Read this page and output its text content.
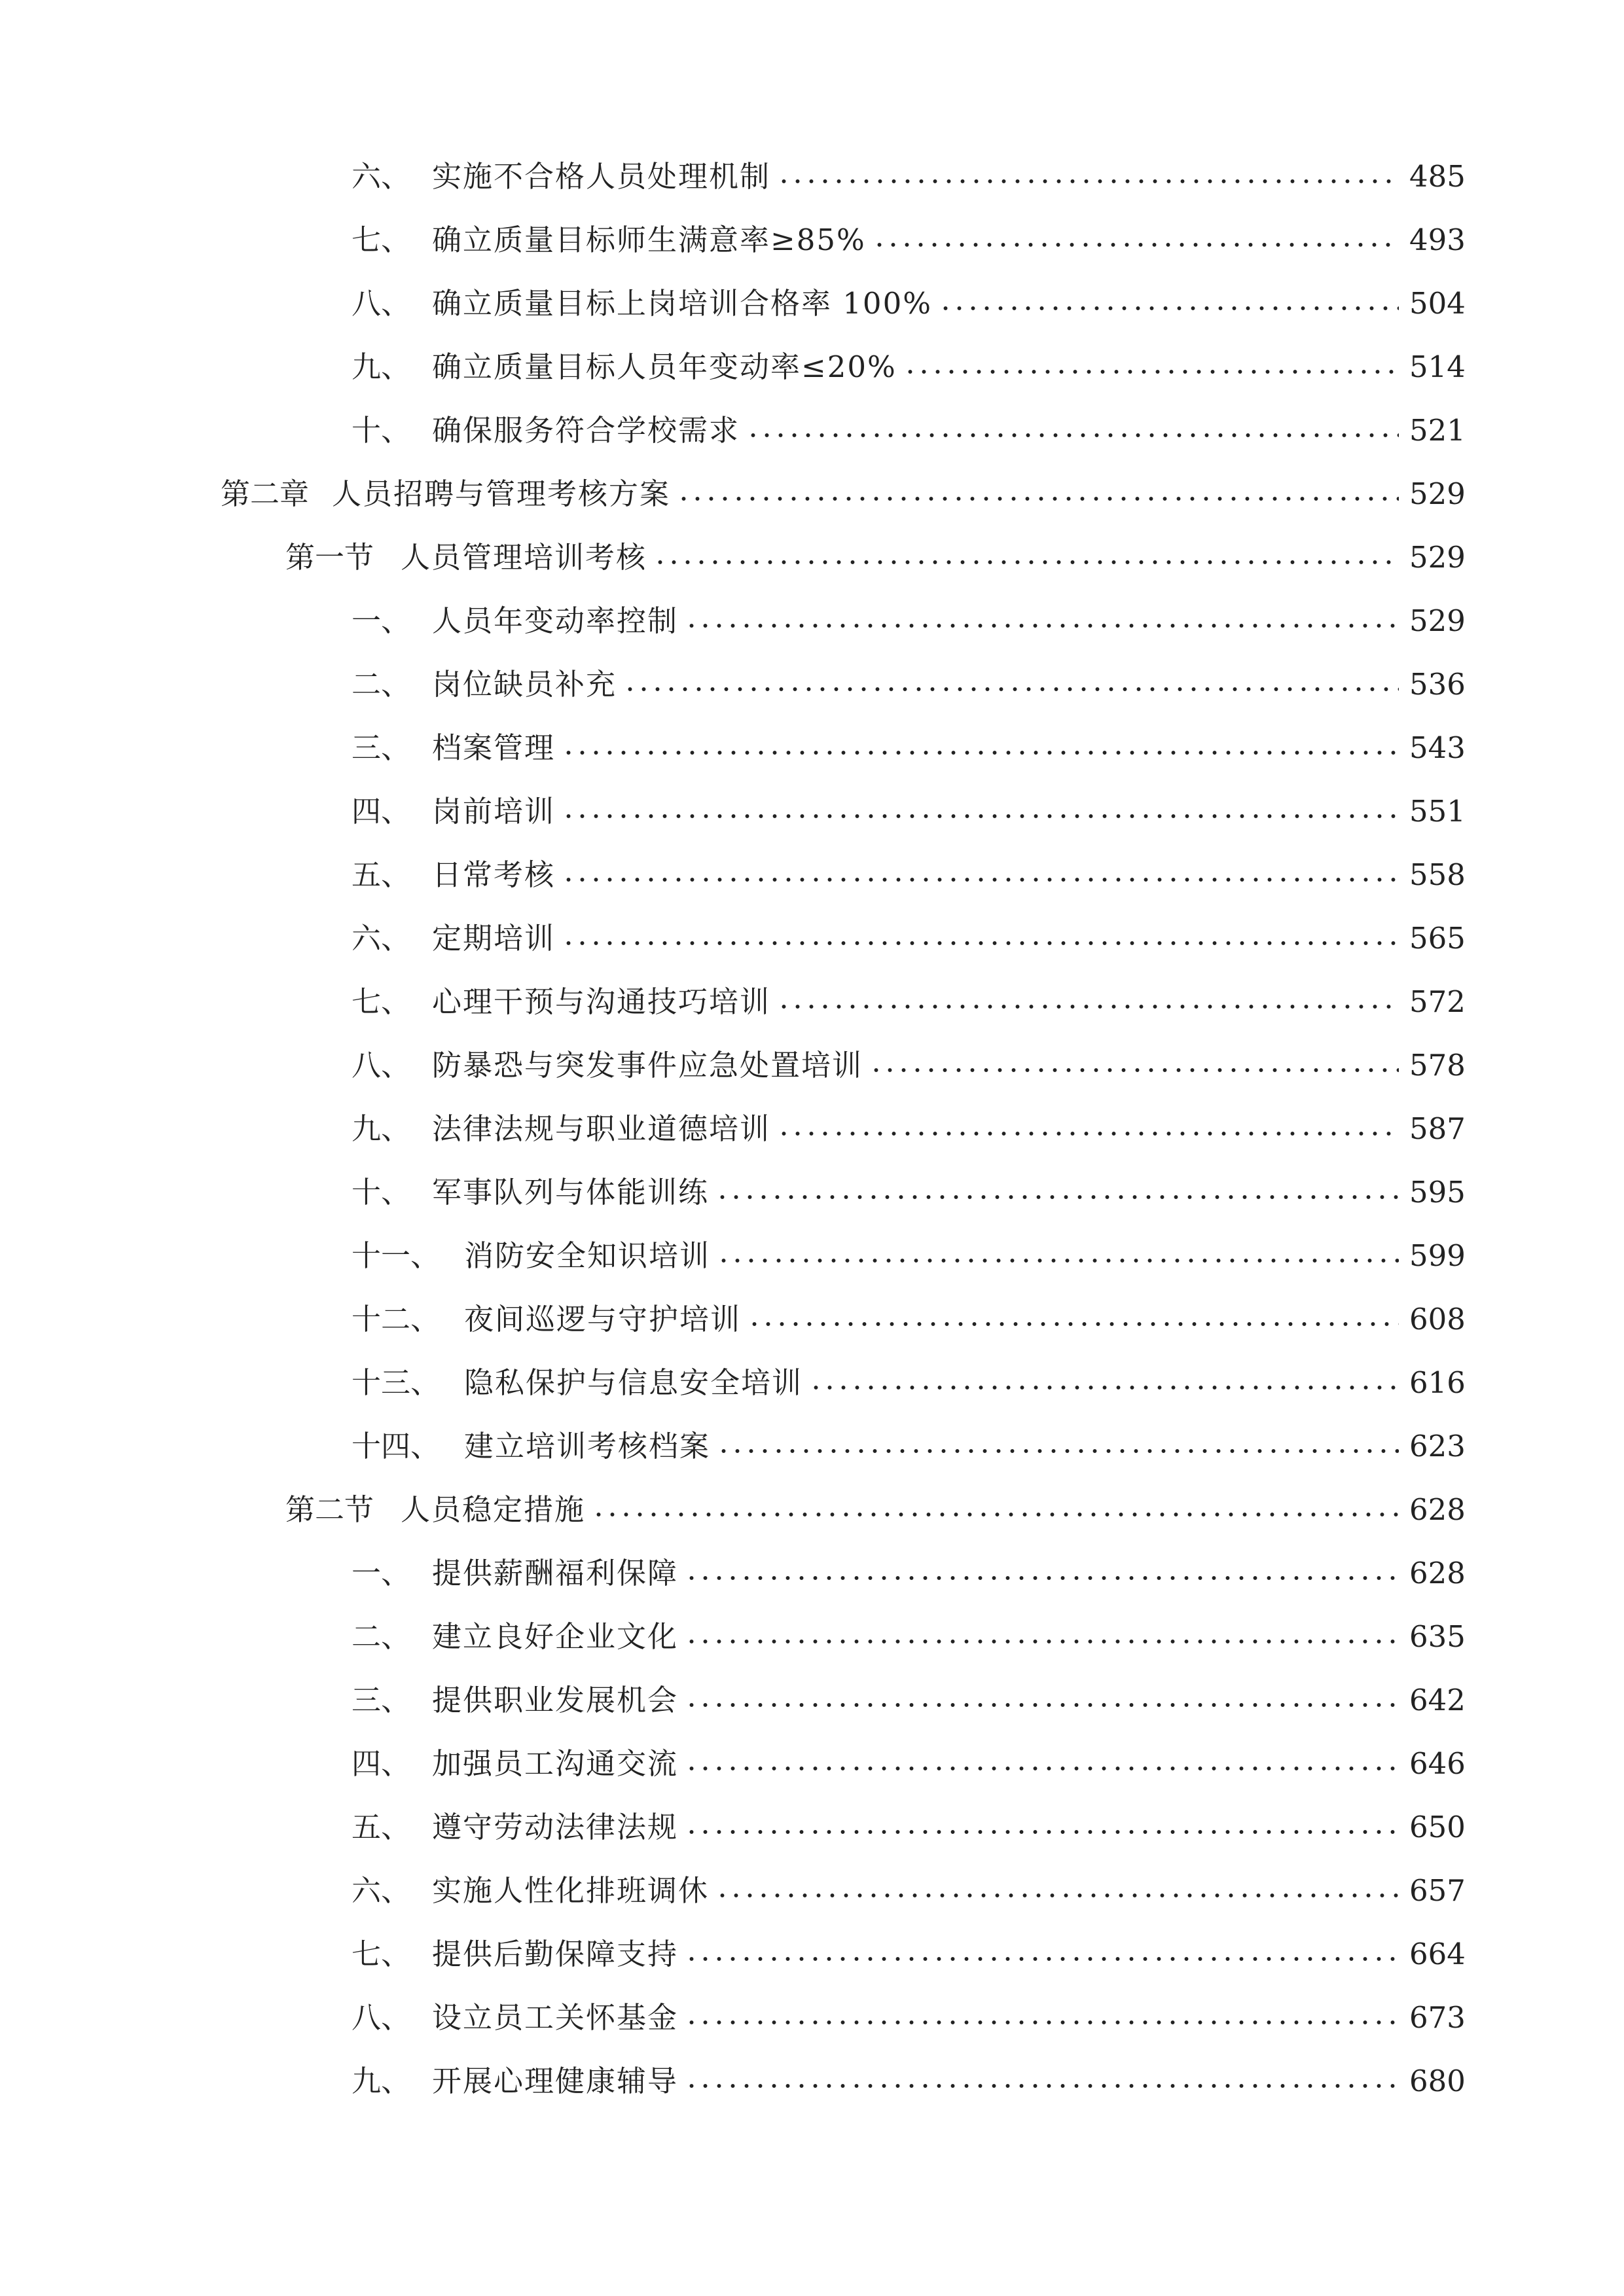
六、 实施不合格人员处理机制	485
七、 确立质量目标师生满意率≥85%	493
八、 确立质量目标上岗培训合格率 100%	504
九、 确立质量目标人员年变动率≤20%	514
十、 确保服务符合学校需求	521
第二章 人员招聘与管理考核方案	529
第一节 人员管理培训考核	529
一、 人员年变动率控制	529
二、 岗位缺员补充	536
三、 档案管理	543
四、 岗前培训	551
五、 日常考核	558
六、 定期培训	565
七、 心理干预与沟通技巧培训	572
八、 防暴恐与突发事件应急处置培训	578
九、 法律法规与职业道德培训	587
十、 军事队列与体能训练	595
十一、 消防安全知识培训	599
十二、 夜间巡逻与守护培训	608
十三、 隐私保护与信息安全培训	616
十四、 建立培训考核档案	623
第二节 人员稳定措施	628
一、 提供薪酬福利保障	628
二、 建立良好企业文化	635
三、 提供职业发展机会	642
四、 加强员工沟通交流	646
五、 遵守劳动法律法规	650
六、 实施人性化排班调休	657
七、 提供后勤保障支持	664
八、 设立员工关怀基金	673
九、 开展心理健康辅导	680
